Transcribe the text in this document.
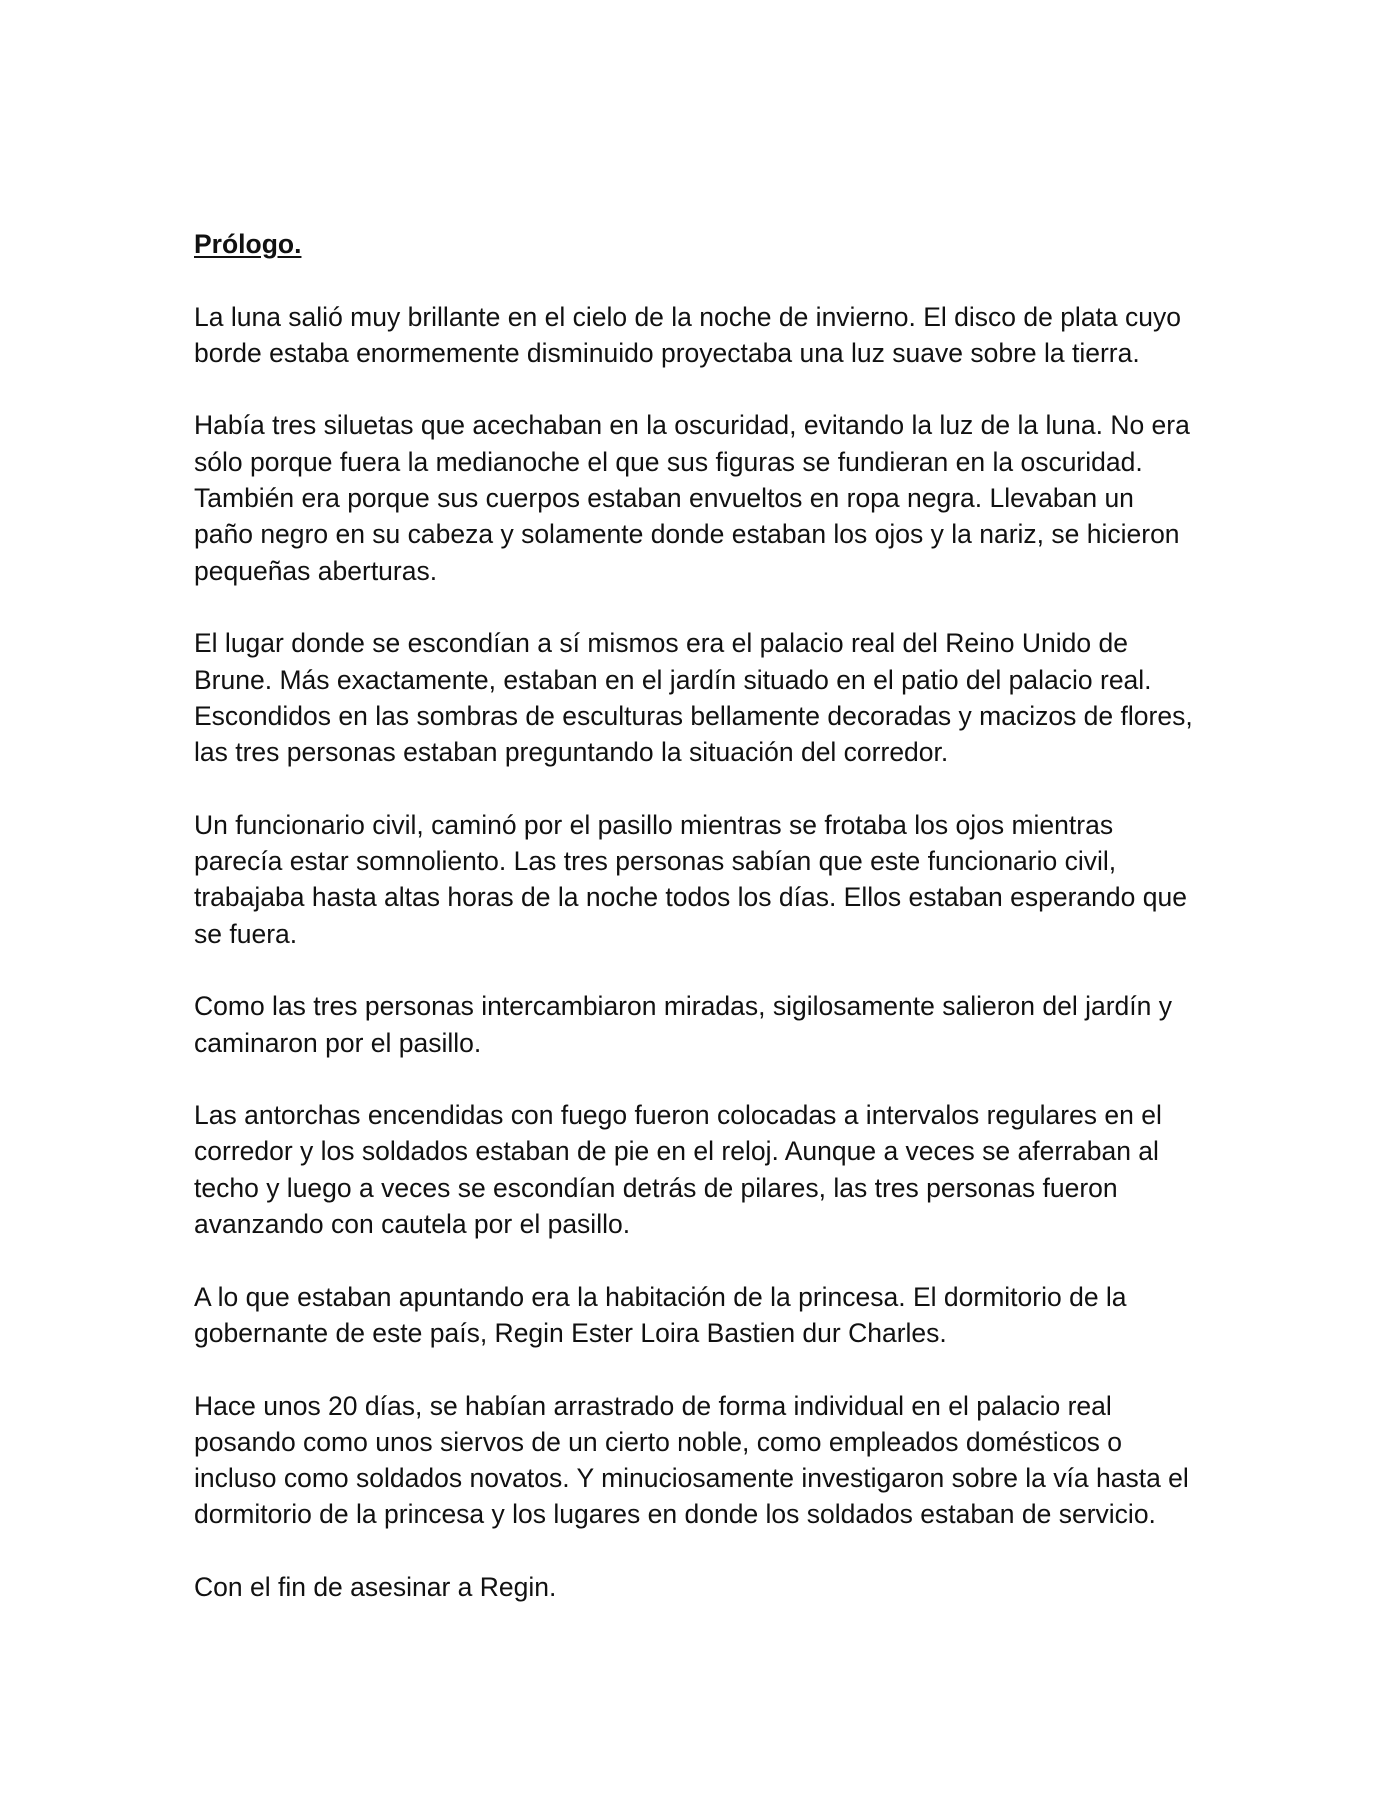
Prólogo.
La luna salió muy brillante en el cielo de la noche de invierno. El disco de plata cuyo
borde estaba enormemente disminuido proyectaba una luz suave sobre la tierra.
Había tres siluetas que acechaban en la oscuridad, evitando la luz de la luna. No era
sólo porque fuera la medianoche el que sus figuras se fundieran en la oscuridad.
También era porque sus cuerpos estaban envueltos en ropa negra. Llevaban un
paño negro en su cabeza y solamente donde estaban los ojos y la nariz, se hicieron
pequeñas aberturas.
El lugar donde se escondían a sí mismos era el palacio real del Reino Unido de
Brune. Más exactamente, estaban en el jardín situado en el patio del palacio real.
Escondidos en las sombras de esculturas bellamente decoradas y macizos de flores,
las tres personas estaban preguntando la situación del corredor.
Un funcionario civil, caminó por el pasillo mientras se frotaba los ojos mientras
parecía estar somnoliento. Las tres personas sabían que este funcionario civil,
trabajaba hasta altas horas de la noche todos los días. Ellos estaban esperando que
se fuera.
Como las tres personas intercambiaron miradas, sigilosamente salieron del jardín y
caminaron por el pasillo.
Las antorchas encendidas con fuego fueron colocadas a intervalos regulares en el
corredor y los soldados estaban de pie en el reloj. Aunque a veces se aferraban al
techo y luego a veces se escondían detrás de pilares, las tres personas fueron
avanzando con cautela por el pasillo.
A lo que estaban apuntando era la habitación de la princesa. El dormitorio de la
gobernante de este país, Regin Ester Loira Bastien dur Charles.
Hace unos 20 días, se habían arrastrado de forma individual en el palacio real
posando como unos siervos de un cierto noble, como empleados domésticos o
incluso como soldados novatos. Y minuciosamente investigaron sobre la vía hasta el
dormitorio de la princesa y los lugares en donde los soldados estaban de servicio.
Con el fin de asesinar a Regin.
